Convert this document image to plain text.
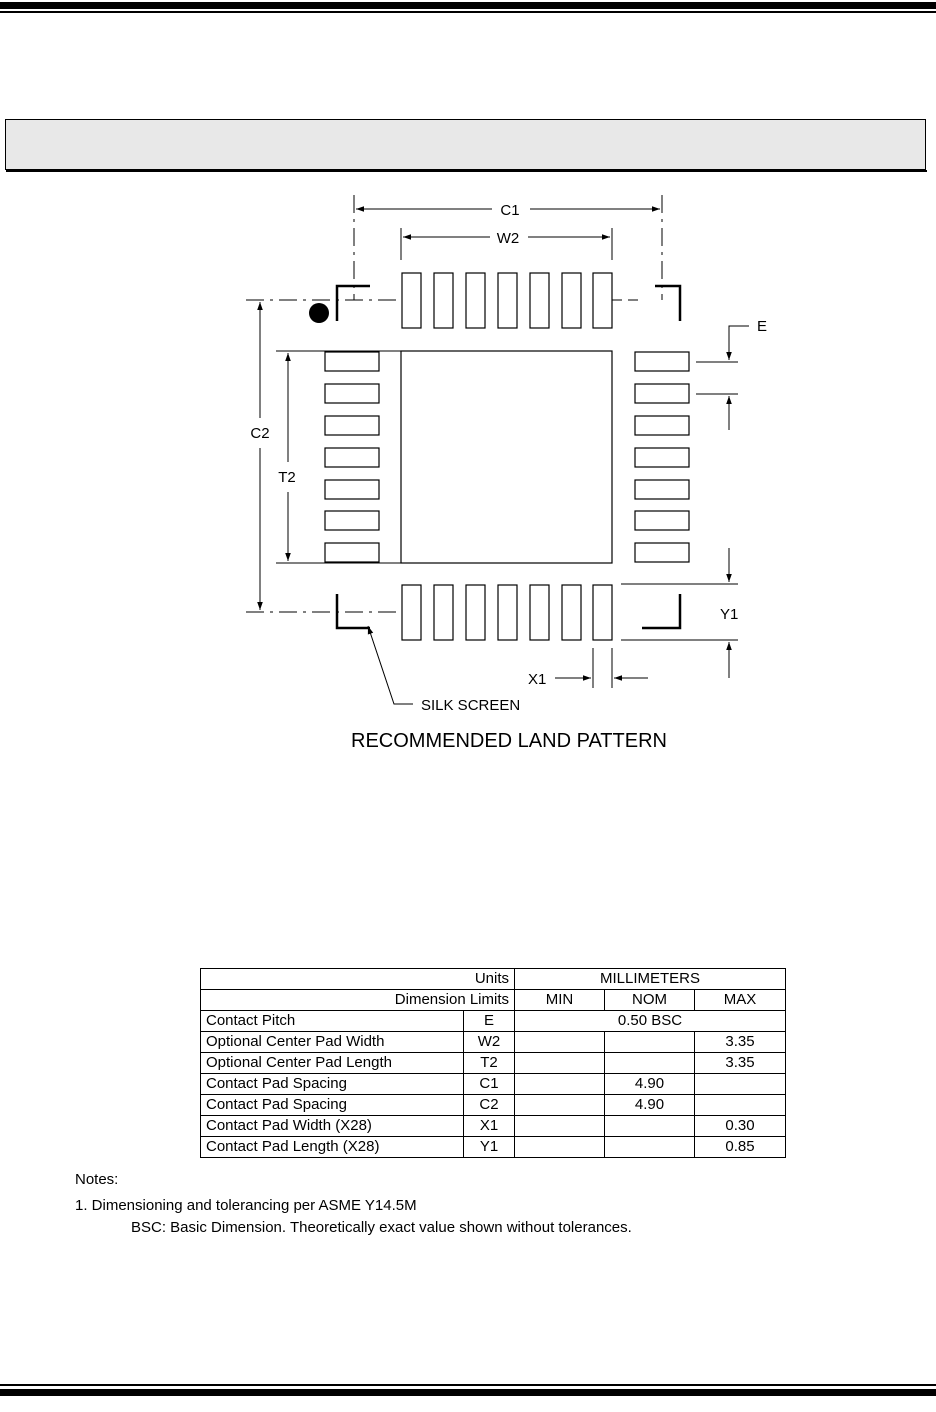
C1
W2
C2
T2
E
Y1
X1
SILK SCREEN
RECOMMENDED LAND PATTERN
Units		MILLIMETERS		
Dimension Limits		MIN	NOM	MAX
Contact Pitch	E	0.50 BSC		
Optional Center Pad Width	W2			3.35
Optional Center Pad Length	T2			3.35
Contact Pad Spacing	C1		4.90	
Contact Pad Spacing	C2		4.90	
Contact Pad Width (X28)	X1			0.30
Contact Pad Length (X28)	Y1			0.85
Notes:
1. Dimensioning and tolerancing per ASME Y14.5M
BSC: Basic Dimension. Theoretically exact value shown without tolerances.
